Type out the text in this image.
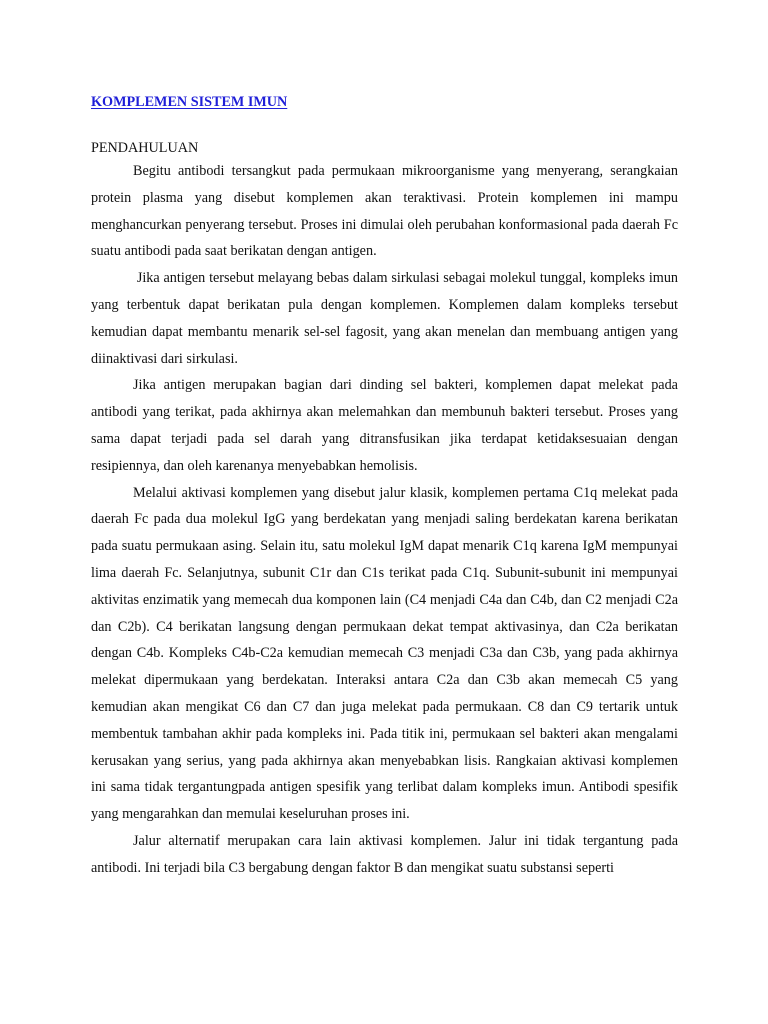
KOMPLEMEN SISTEM IMUN
PENDAHULUAN

Begitu antibodi tersangkut pada permukaan mikroorganisme yang menyerang, serangkaian protein plasma yang disebut komplemen akan teraktivasi. Protein komplemen ini mampu menghancurkan penyerang tersebut. Proses ini dimulai oleh perubahan konformasional pada daerah Fc suatu antibodi pada saat berikatan dengan antigen.

Jika antigen tersebut melayang bebas dalam sirkulasi sebagai molekul tunggal, kompleks imun yang terbentuk dapat berikatan pula dengan komplemen. Komplemen dalam kompleks tersebut kemudian dapat membantu menarik sel-sel fagosit, yang akan menelan dan membuang antigen yang diinaktivasi dari sirkulasi.

Jika antigen merupakan bagian dari dinding sel bakteri, komplemen dapat melekat pada antibodi yang terikat, pada akhirnya akan melemahkan dan membunuh bakteri tersebut. Proses yang sama dapat terjadi pada sel darah yang ditransfusikan jika terdapat ketidaksesuaian dengan resipiennya, dan oleh karenanya menyebabkan hemolisis.

Melalui aktivasi komplemen yang disebut jalur klasik, komplemen pertama C1q melekat pada daerah Fc pada dua molekul IgG yang berdekatan yang menjadi saling berdekatan karena berikatan pada suatu permukaan asing. Selain itu, satu molekul IgM dapat menarik C1q karena IgM mempunyai lima daerah Fc. Selanjutnya, subunit C1r dan C1s terikat pada C1q. Subunit-subunit ini mempunyai aktivitas enzimatik yang memecah dua komponen lain (C4 menjadi C4a dan C4b, dan C2 menjadi C2a dan C2b). C4 berikatan langsung dengan permukaan dekat tempat aktivasinya, dan C2a berikatan dengan C4b. Kompleks C4b-C2a kemudian memecah C3 menjadi C3a dan C3b, yang pada akhirnya melekat dipermukaan yang berdekatan. Interaksi antara C2a dan C3b akan memecah C5 yang kemudian akan mengikat C6 dan C7 dan juga melekat pada permukaan. C8 dan C9 tertarik untuk membentuk tambahan akhir pada kompleks ini. Pada titik ini, permukaan sel bakteri akan mengalami kerusakan yang serius, yang pada akhirnya akan menyebabkan lisis. Rangkaian aktivasi komplemen ini sama tidak tergantungpada antigen spesifik yang terlibat dalam kompleks imun. Antibodi spesifik yang mengarahkan dan memulai keseluruhan proses ini.

Jalur alternatif merupakan cara lain aktivasi komplemen. Jalur ini tidak tergantung pada antibodi. Ini terjadi bila C3 bergabung dengan faktor B dan mengikat suatu substansi seperti
